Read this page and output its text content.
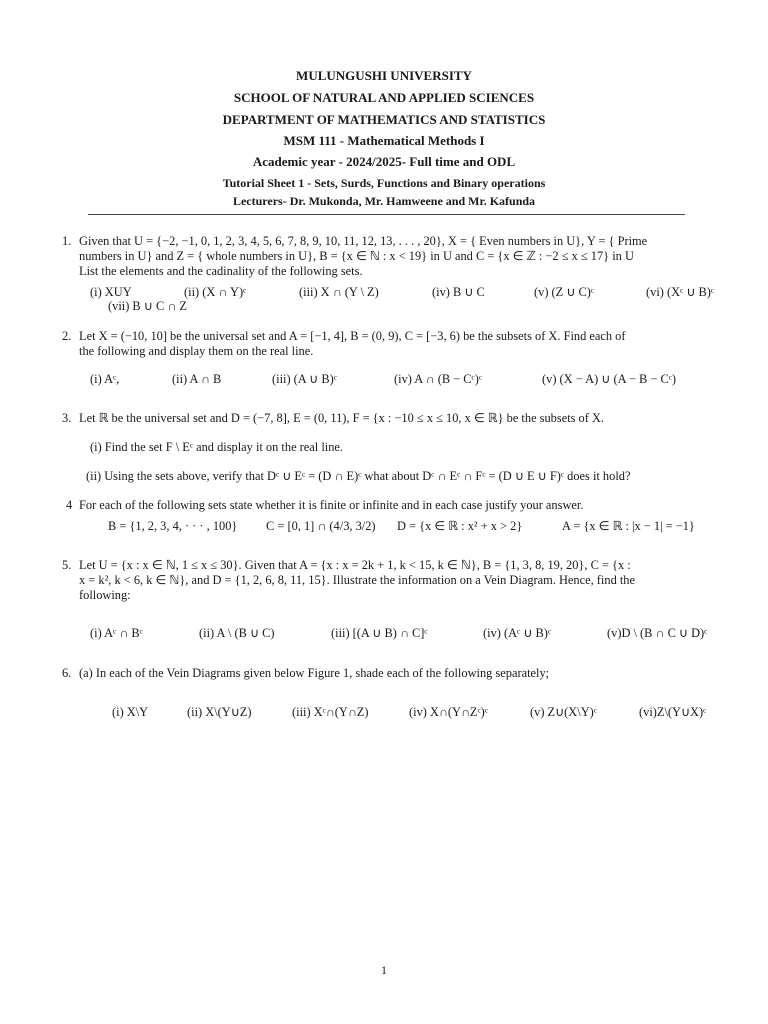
MULUNGUSHI UNIVERSITY
SCHOOL OF NATURAL AND APPLIED SCIENCES
DEPARTMENT OF MATHEMATICS AND STATISTICS
MSM 111 - Mathematical Methods I
Academic year - 2024/2025- Full time and ODL
Tutorial Sheet 1 - Sets, Surds, Functions and Binary operations
Lecturers- Dr. Mukonda, Mr. Hamweene and Mr. Kafunda
1. Given that U = {−2, −1, 0, 1, 2, 3, 4, 5, 6, 7, 8, 9, 10, 11, 12, 13, . . . , 20}, X = { Even numbers in U}, Y = { Prime
numbers in U} and Z = { whole numbers in U}, B = {x ∈ ℕ : x < 19} in U and C = {x ∈ ℤ : −2 ≤ x ≤ 17} in U
List the elements and the cadinality of the following sets.
(i) XUY	(ii) (X ∩ Y)ᶜ	(iii) X ∩ (Y \ Z)	(iv) B ∪ C	(v) (Z ∪ C)ᶜ	(vi) (Xᶜ ∪ B)ᶜ
(vii) B ∪ C ∩ Z
2. Let X = (−10, 10] be the universal set and A = [−1, 4], B = (0, 9), C = [−3, 6) be the subsets of X. Find each of
the following and display them on the real line.
(i) Aᶜ,	(ii) A ∩ B	(iii) (A ∪ B)ᶜ	(iv) A ∩ (B − Cᶜ)ᶜ	(v) (X − A) ∪ (A − B − Cᶜ)
3. Let ℝ be the universal set and D = (−7, 8], E = (0, 11), F = {x : −10 ≤ x ≤ 10, x ∈ ℝ} be the subsets of X.
(i) Find the set F \ Eᶜ and display it on the real line.
(ii) Using the sets above, verify that Dᶜ ∪ Eᶜ = (D ∩ E)ᶜ what about Dᶜ ∩ Eᶜ ∩ Fᶜ = (D ∪ E ∪ F)ᶜ does it hold?
4 For each of the following sets state whether it is finite or infinite and in each case justify your answer.
B = {1, 2, 3, 4, · · · , 100} C = [0, 1] ∩ (4/3, 3/2) D = {x ∈ ℝ : x² + x > 2}	A = {x ∈ ℝ : |x − 1| = −1}
5. Let U = {x : x ∈ ℕ, 1 ≤ x ≤ 30}. Given that A = {x : x = 2k + 1, k < 15, k ∈ ℕ}, B = {1, 3, 8, 19, 20}, C = {x :
x = k², k < 6, k ∈ ℕ}, and D = {1, 2, 6, 8, 11, 15}. Illustrate the information on a Vein Diagram. Hence, find the
following:
(i) Aᶜ ∩ Bᶜ	(ii) A \ (B ∪ C)	(iii) [(A ∪ B) ∩ C]ᶜ	(iv) (Aᶜ ∪ B)ᶜ	(v)D \ (B ∩ C ∪ D)ᶜ
6. (a) In each of the Vein Diagrams given below Figure 1, shade each of the following separately;
(i) X\Y	(ii) X\(Y∪Z)	(iii) Xᶜ∩(Y∩Z)	(iv) X∩(Y∩Zᶜ)ᶜ	(v) Z∪(X\Y)ᶜ	(vi)Z\(Y∪X)ᶜ
1
